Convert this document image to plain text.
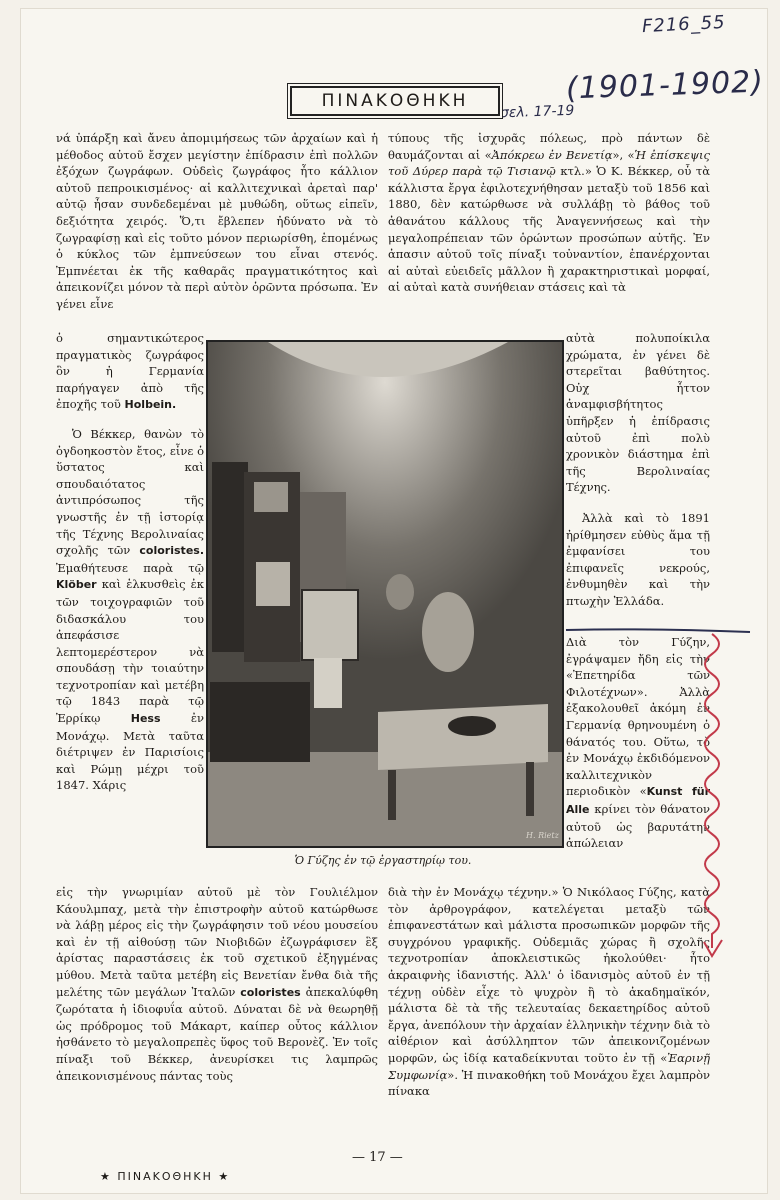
F216_55
(1901-1902)
σελ. 17-19
ΠΙΝΑΚΟΘΗΚΗ

νά ὑπάρξη καὶ ἄνευ ἀπομιμήσεως τῶν ἀρχαίων καὶ ἡ μέθοδος αὐτοῦ ἔσχεν μεγίστην ἐπίδρασιν ἐπὶ πολλῶν ἐξόχων ζωγράφων. Οὐδεὶς ζωγράφος ἦτο κάλλιον αὐτοῦ πεπροικισμένος· αἱ καλλιτεχνικαὶ ἀρεταὶ παρ' αὐτῷ ἦσαν συνδεδεμέναι μὲ μυθώδη, οὕτως εἰπεῖν, δεξιότητα χειρός. Ὅ,τι ἔβλεπεν ἠδύνατο νὰ τὸ ζωγραφίσῃ καὶ εἰς τοῦτο μόνον περιωρίσθη, ἑπομένως ὁ κύκλος τῶν ἐμπνεύσεων του εἶναι στενός. Ἐμπνέεται ἐκ τῆς καθαρᾶς πραγματικότητος καὶ ἀπεικονίζει μόνον τὰ περὶ αὐτὸν ὁρῶντα πρόσωπα. Ἐν γένει εἶνε

ὁ σημαντικώτερος πραγματικὸς ζωγράφος ὃν ἡ Γερμανία παρήγαγεν ἀπὸ τῆς ἐποχῆς τοῦ Holbein.

Ὁ Βέκκερ, θανὼν τὸ ὀγδοηκοστὸν ἔτος, εἶνε ὁ ὕστατος καὶ σπουδαιότατος ἀντιπρόσωπος τῆς γνωστῆς ἐν τῇ ἱστορίᾳ τῆς Τέχνης Βερολιναίας σχολῆς τῶν coloristes. Ἐμαθήτευσε παρὰ τῷ Klöber καὶ ἑλκυσθεὶς ἐκ τῶν τοιχογραφιῶν τοῦ διδασκάλου του ἀπεφάσισε λεπτομερέστερον νὰ σπουδάσῃ τὴν τοιαύτην τεχνοτροπίαν καὶ μετέβη τῷ 1843 παρὰ τῷ Ἐρρίκῳ	Hess	ἐν Μονάχῳ. Μετὰ ταῦτα διέτριψεν ἐν Παρισίοις καὶ Ρώμῃ μέχρι τοῦ 1847. Χάρις

τύπους τῆς ἰσχυρᾶς πόλεως, πρὸ πάντων δὲ θαυμάζονται αἱ «Ἀπόκρεω ἐν Βενετίᾳ», «Ἡ ἐπίσκεψις τοῦ Δύρερ παρὰ τῷ Τισιανῷ κτλ.» Ὁ Κ. Βέκκερ, οὗ τὰ κάλλιστα ἔργα ἐφιλοτεχνήθησαν μεταξὺ τοῦ 1856 καὶ 1880, δὲν κατώρθωσε νὰ συλλάβῃ τὸ βάθος τοῦ ἀθανάτου κάλλους τῆς Ἀναγεννήσεως καὶ τὴν μεγαλοπρέπειαν τῶν ὁρώντων προσώπων αὐτῆς. Ἐν ἀπασιν αὐτοῦ τοῖς πίναξι τοὐναντίον, ἐπανέρχονται αἱ αὐταὶ εὐειδεῖς μᾶλλον ἢ χαρακτηριστικαὶ μορφαί, αἱ αὐταὶ κατὰ συνήθειαν στάσεις καὶ τὰ

αὐτὰ πολυποίκιλα χρώματα, ἐν γένει δὲ στερεῖται βαθύτητος. Οὐχ ἧττον ἀναμφισβήτητος ὑπῆρξεν ἡ ἐπίδρασις αὐτοῦ ἐπὶ πολὺ χρονικὸν διάστημα ἐπὶ τῆς Βερολιναίας Τέχνης.

Ἀλλὰ καὶ τὸ 1891 ἠρίθμησεν εὐθὺς ἅμα τῇ ἐμφανίσει του ἐπιφανεῖς νεκρούς, ἐνθυμηθὲν καὶ τὴν πτωχὴν Ἑλλάδα.

Διὰ τὸν Γύζην, ἐγράψαμεν ἤδη εἰς τὴν «Ἐπετηρίδα τῶν Φιλοτέχνων». Ἀλλὰ ἐξακολουθεῖ ἀκόμη ἐν Γερμανίᾳ θρηνουμένη ὁ θάνατός του. Οὕτω, τὸ ἐν Μονάχῳ ἐκδιδόμενον καλλιτεχνικὸν περιοδικὸν «Kunst für Alle κρίνει τὸν θάνατον αὐτοῦ ὡς βαρυτάτην ἀπώλειαν

εἰς τὴν γνωριμίαν αὐτοῦ μὲ τὸν Γουλιέλμον Κάουλμπαχ, μετὰ τὴν ἐπιστροφὴν αὐτοῦ κατώρθωσε νὰ λάβῃ μέρος εἰς τὴν ζωγράφησιν τοῦ νέου μουσείου καὶ ἐν τῇ αἰθούσῃ τῶν Νιοβιδῶν ἐζωγράφισεν ἓξ ἀρίστας παραστάσεις ἐκ τοῦ σχετικοῦ ἐξηγμένας μύθου. Μετὰ ταῦτα μετέβη εἰς Βενετίαν ἔνθα διὰ τῆς μελέτης τῶν μεγάλων Ἰταλῶν coloristes ἀπεκαλύφθη ζωρότατα ἡ ἰδιοφυΐα αὐτοῦ. Δύναται δὲ νὰ θεωρηθῇ ὡς πρόδρομος τοῦ Μάκαρτ, καίπερ οὗτος κάλλιον ἠσθάνετο τὸ μεγαλοπρεπὲς ὕφος τοῦ Βερονὲζ. Ἐν τοῖς πίναξι τοῦ Βέκκερ, ἀνευρίσκει τις λαμπρῶς ἀπεικονισμένους πάντας τοὺς

διὰ τὴν ἐν Μονάχῳ τέχνην.» Ὁ Νικόλαος Γύζης, κατὰ τὸν ἀρθρογράφον, κατελέγεται μεταξὺ τῶν ἐπιφανεστάτων καὶ μάλιστα προσωπικῶν μορφῶν τῆς συγχρόνου γραφικῆς. Οὐδεμιᾶς χώρας ἢ σχολῆς τεχνοτροπίαν ἀποκλειστικῶς ἠκολούθει· ἦτο ἀκραιφνὴς ἰδανιστής. Ἀλλ' ὁ ἰδανισμὸς αὐτοῦ ἐν τῇ τέχνῃ οὐδὲν εἶχε τὸ ψυχρὸν ἢ τὸ ἀκαδημαϊκόν, μάλιστα δὲ τὰ τῆς τελευταίας δεκαετηρίδος αὐτοῦ ἔργα, ἀνεπόλουν τὴν ἀρχαίαν ἑλληνικὴν τέχνην διὰ τὸ αἰθέριον καὶ ἀσύλληπτον τῶν ἀπεικονιζομένων μορφῶν, ὡς ἰδίᾳ καταδείκνυται τοῦτο ἐν τῇ «Ἐαρινῇ Συμφωνίᾳ». Ἡ πινακοθήκη τοῦ Μονάχου ἔχει λαμπρὸν πίνακα

H. Rietz
Ὁ Γύζης ἐν τῷ ἐργαστηρίῳ του.
— 17 —
★ ΠΙΝΑΚΟΘΗΚΗ ★
